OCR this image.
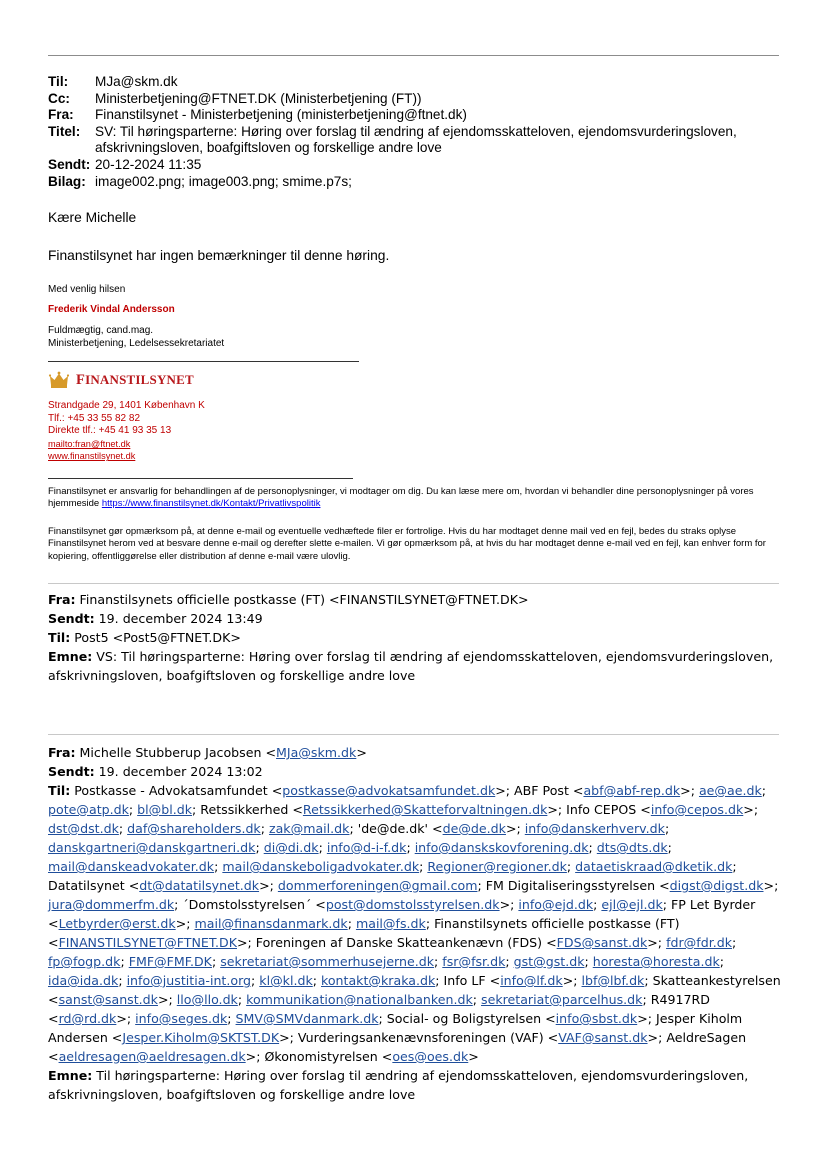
Til:	MJa@skm.dk
Cc:	Ministerbetjening@FTNET.DK (Ministerbetjening (FT))
Fra:	Finanstilsynet - Ministerbetjening (ministerbetjening@ftnet.dk)
Titel:	SV: Til høringsparterne: Høring over forslag til ændring af ejendomsskatteloven, ejendomsvurderingsloven, afskrivningsloven, boafgiftsloven og forskellige andre love
Sendt: 20-12-2024 11:35
Bilag: image002.png; image003.png; smime.p7s;
Kære Michelle
Finanstilsynet har ingen bemærkninger til denne høring.
Med venlig hilsen
Frederik Vindal Andersson
Fuldmægtig, cand.mag.
Ministerbetjening, Ledelsessekretariatet
FINANSTILSYNET
Strandgade 29, 1401 København K
Tlf.: +45 33 55 82 82
Direkte tlf.: +45 41 93 35 13
mailto:fran@ftnet.dk
www.finanstilsynet.dk
Finanstilsynet er ansvarlig for behandlingen af de personoplysninger, vi modtager om dig. Du kan læse mere om, hvordan vi behandler dine personoplysninger på vores hjemmeside https://www.finanstilsynet.dk/Kontakt/Privatlivspolitik
Finanstilsynet gør opmærksom på, at denne e-mail og eventuelle vedhæftede filer er fortrolige. Hvis du har modtaget denne mail ved en fejl, bedes du straks oplyse Finanstilsynet herom ved at besvare denne e-mail og derefter slette e-mailen. Vi gør opmærksom på, at hvis du har modtaget denne e-mail ved en fejl, kan enhver form for kopiering, offentliggørelse eller distribution af denne e-mail være ulovlig.
Fra: Finanstilsynets officielle postkasse (FT) <FINANSTILSYNET@FTNET.DK>
Sendt: 19. december 2024 13:49
Til: Post5 <Post5@FTNET.DK>
Emne: VS: Til høringsparterne: Høring over forslag til ændring af ejendomsskatteloven, ejendomsvurderingsloven, afskrivningsloven, boafgiftsloven og forskellige andre love
Fra: Michelle Stubberup Jacobsen <MJa@skm.dk>
Sendt: 19. december 2024 13:02
Til: Postkasse - Advokatsamfundet <postkasse@advokatsamfundet.dk>; ABF Post <abf@abf-rep.dk>; ae@ae.dk; pote@atp.dk; bl@bl.dk; Retssikkerhed <Retssikkerhed@Skatteforvaltningen.dk>; Info CEPOS <info@cepos.dk>; dst@dst.dk; daf@shareholders.dk; zak@mail.dk; 'de@de.dk' <de@de.dk>; info@danskerhverv.dk; danskgartneri@danskgartneri.dk; di@di.dk; info@d-i-f.dk; info@danskskovforening.dk; dts@dts.dk; mail@danskeadvokater.dk; mail@danskeboligadvokater.dk; Regioner@regioner.dk; dataetiskraad@dketik.dk; Datatilsynet <dt@datatilsynet.dk>; dommerforeningen@gmail.com; FM Digitaliseringsstyrelsen <digst@digst.dk>; jura@dommerfm.dk; ´Domstolsstyrelsen´ <post@domstolsstyrelsen.dk>; info@ejd.dk; ejl@ejl.dk; FP Let Byrder <Letbyrder@erst.dk>; mail@finansdanmark.dk; mail@fs.dk; Finanstilsynets officielle postkasse (FT) <FINANSTILSYNET@FTNET.DK>; Foreningen af Danske Skatteankenævn (FDS) <FDS@sanst.dk>; fdr@fdr.dk; fp@fogp.dk; FMF@FMF.DK; sekretariat@sommerhusejerne.dk; fsr@fsr.dk; gst@gst.dk; horesta@horesta.dk; ida@ida.dk; info@justitia-int.org; kl@kl.dk; kontakt@kraka.dk; Info LF <info@lf.dk>; lbf@lbf.dk; Skatteankestyrelsen <sanst@sanst.dk>; llo@llo.dk; kommunikation@nationalbanken.dk; sekretariat@parcelhus.dk; R4917RD <rd@rd.dk>; info@seges.dk; SMV@SMVdanmark.dk; Social- og Boligstyrelsen <info@sbst.dk>; Jesper Kiholm Andersen <Jesper.Kiholm@SKTST.DK>; Vurderingsankenævnsforeningen (VAF) <VAF@sanst.dk>; AeldreSagen <aeldresagen@aeldresagen.dk>; Økonomistyrelsen <oes@oes.dk>
Emne: Til høringsparterne: Høring over forslag til ændring af ejendomsskatteloven, ejendomsvurderingsloven, afskrivningsloven, boafgiftsloven og forskellige andre love
